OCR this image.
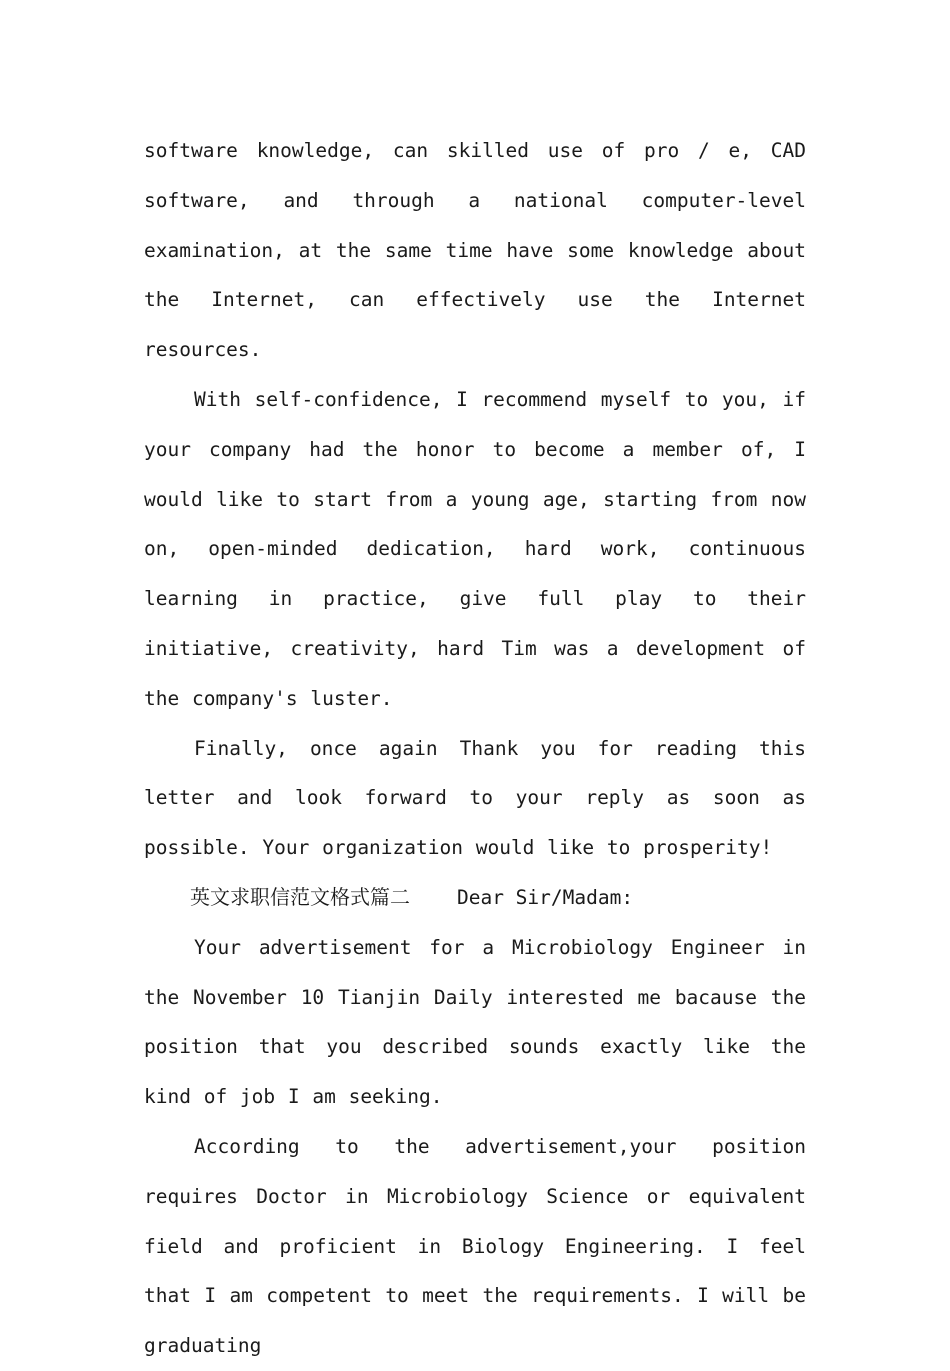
software knowledge, can skilled use of pro / e, CAD software, and through a national computer-level examination, at the same time have some knowledge about the Internet, can effectively use the Internet resources.

With self-confidence, I recommend myself to you, if your company had the honor to become a member of, I would like to start from a young age, starting from now on, open-minded dedication, hard work, continuous learning in practice, give full play to their initiative, creativity, hard Tim was a development of the company's luster.

Finally, once again Thank you for reading this letter and look forward to your reply as soon as possible. Your organization would like to prosperity!

英文求职信范文格式篇二 Dear Sir/Madam:

Your advertisement for a Microbiology Engineer in the November 10 Tianjin Daily interested me bacause the position that you described sounds exactly like the kind of job I am seeking.

According to the advertisement,your position requires Doctor in Microbiology Science or equivalent field and proficient in Biology Engineering. I feel that I am competent to meet the requirements. I will be graduating
